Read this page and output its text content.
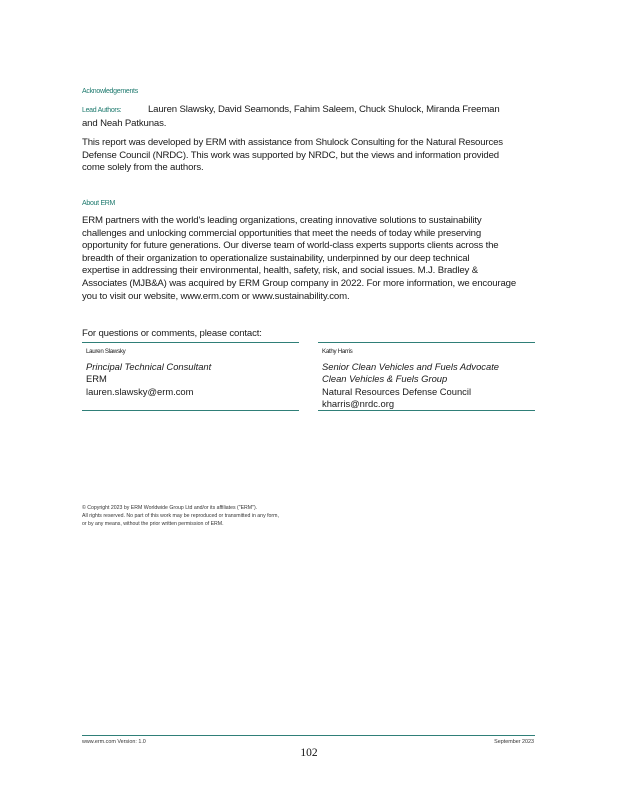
Acknowledgements
Lead Authors:	Lauren Slawsky, David Seamonds, Fahim Saleem, Chuck Shulock, Miranda Freeman
and Neah Patkunas.
This report was developed by ERM with assistance from Shulock Consulting for the Natural Resources
Defense Council (NRDC). This work was supported by NRDC, but the views and information provided
come solely from the authors.
About ERM
ERM partners with the world's leading organizations, creating innovative solutions to sustainability
challenges and unlocking commercial opportunities that meet the needs of today while preserving
opportunity for future generations. Our diverse team of world-class experts supports clients across the
breadth of their organization to operationalize sustainability, underpinned by our deep technical
expertise in addressing their environmental, health, safety, risk, and social issues. M.J. Bradley &
Associates (MJB&A) was acquired by ERM Group company in 2022. For more information, we encourage
you to visit our website, www.erm.com or www.sustainability.com.
For questions or comments, please contact:
Lauren Slawsky
Principal Technical Consultant
ERM
lauren.slawsky@erm.com
Kathy Harris
Senior Clean Vehicles and Fuels Advocate
Clean Vehicles & Fuels Group
Natural Resources Defense Council
kharris@nrdc.org
© Copyright 2023 by ERM Worldwide Group Ltd and/or its affiliates ("ERM").
All rights reserved. No part of this work may be reproduced or transmitted in any form,
or by any means, without the prior written permission of ERM.
www.erm.com Version: 1.0	September 2023
102
